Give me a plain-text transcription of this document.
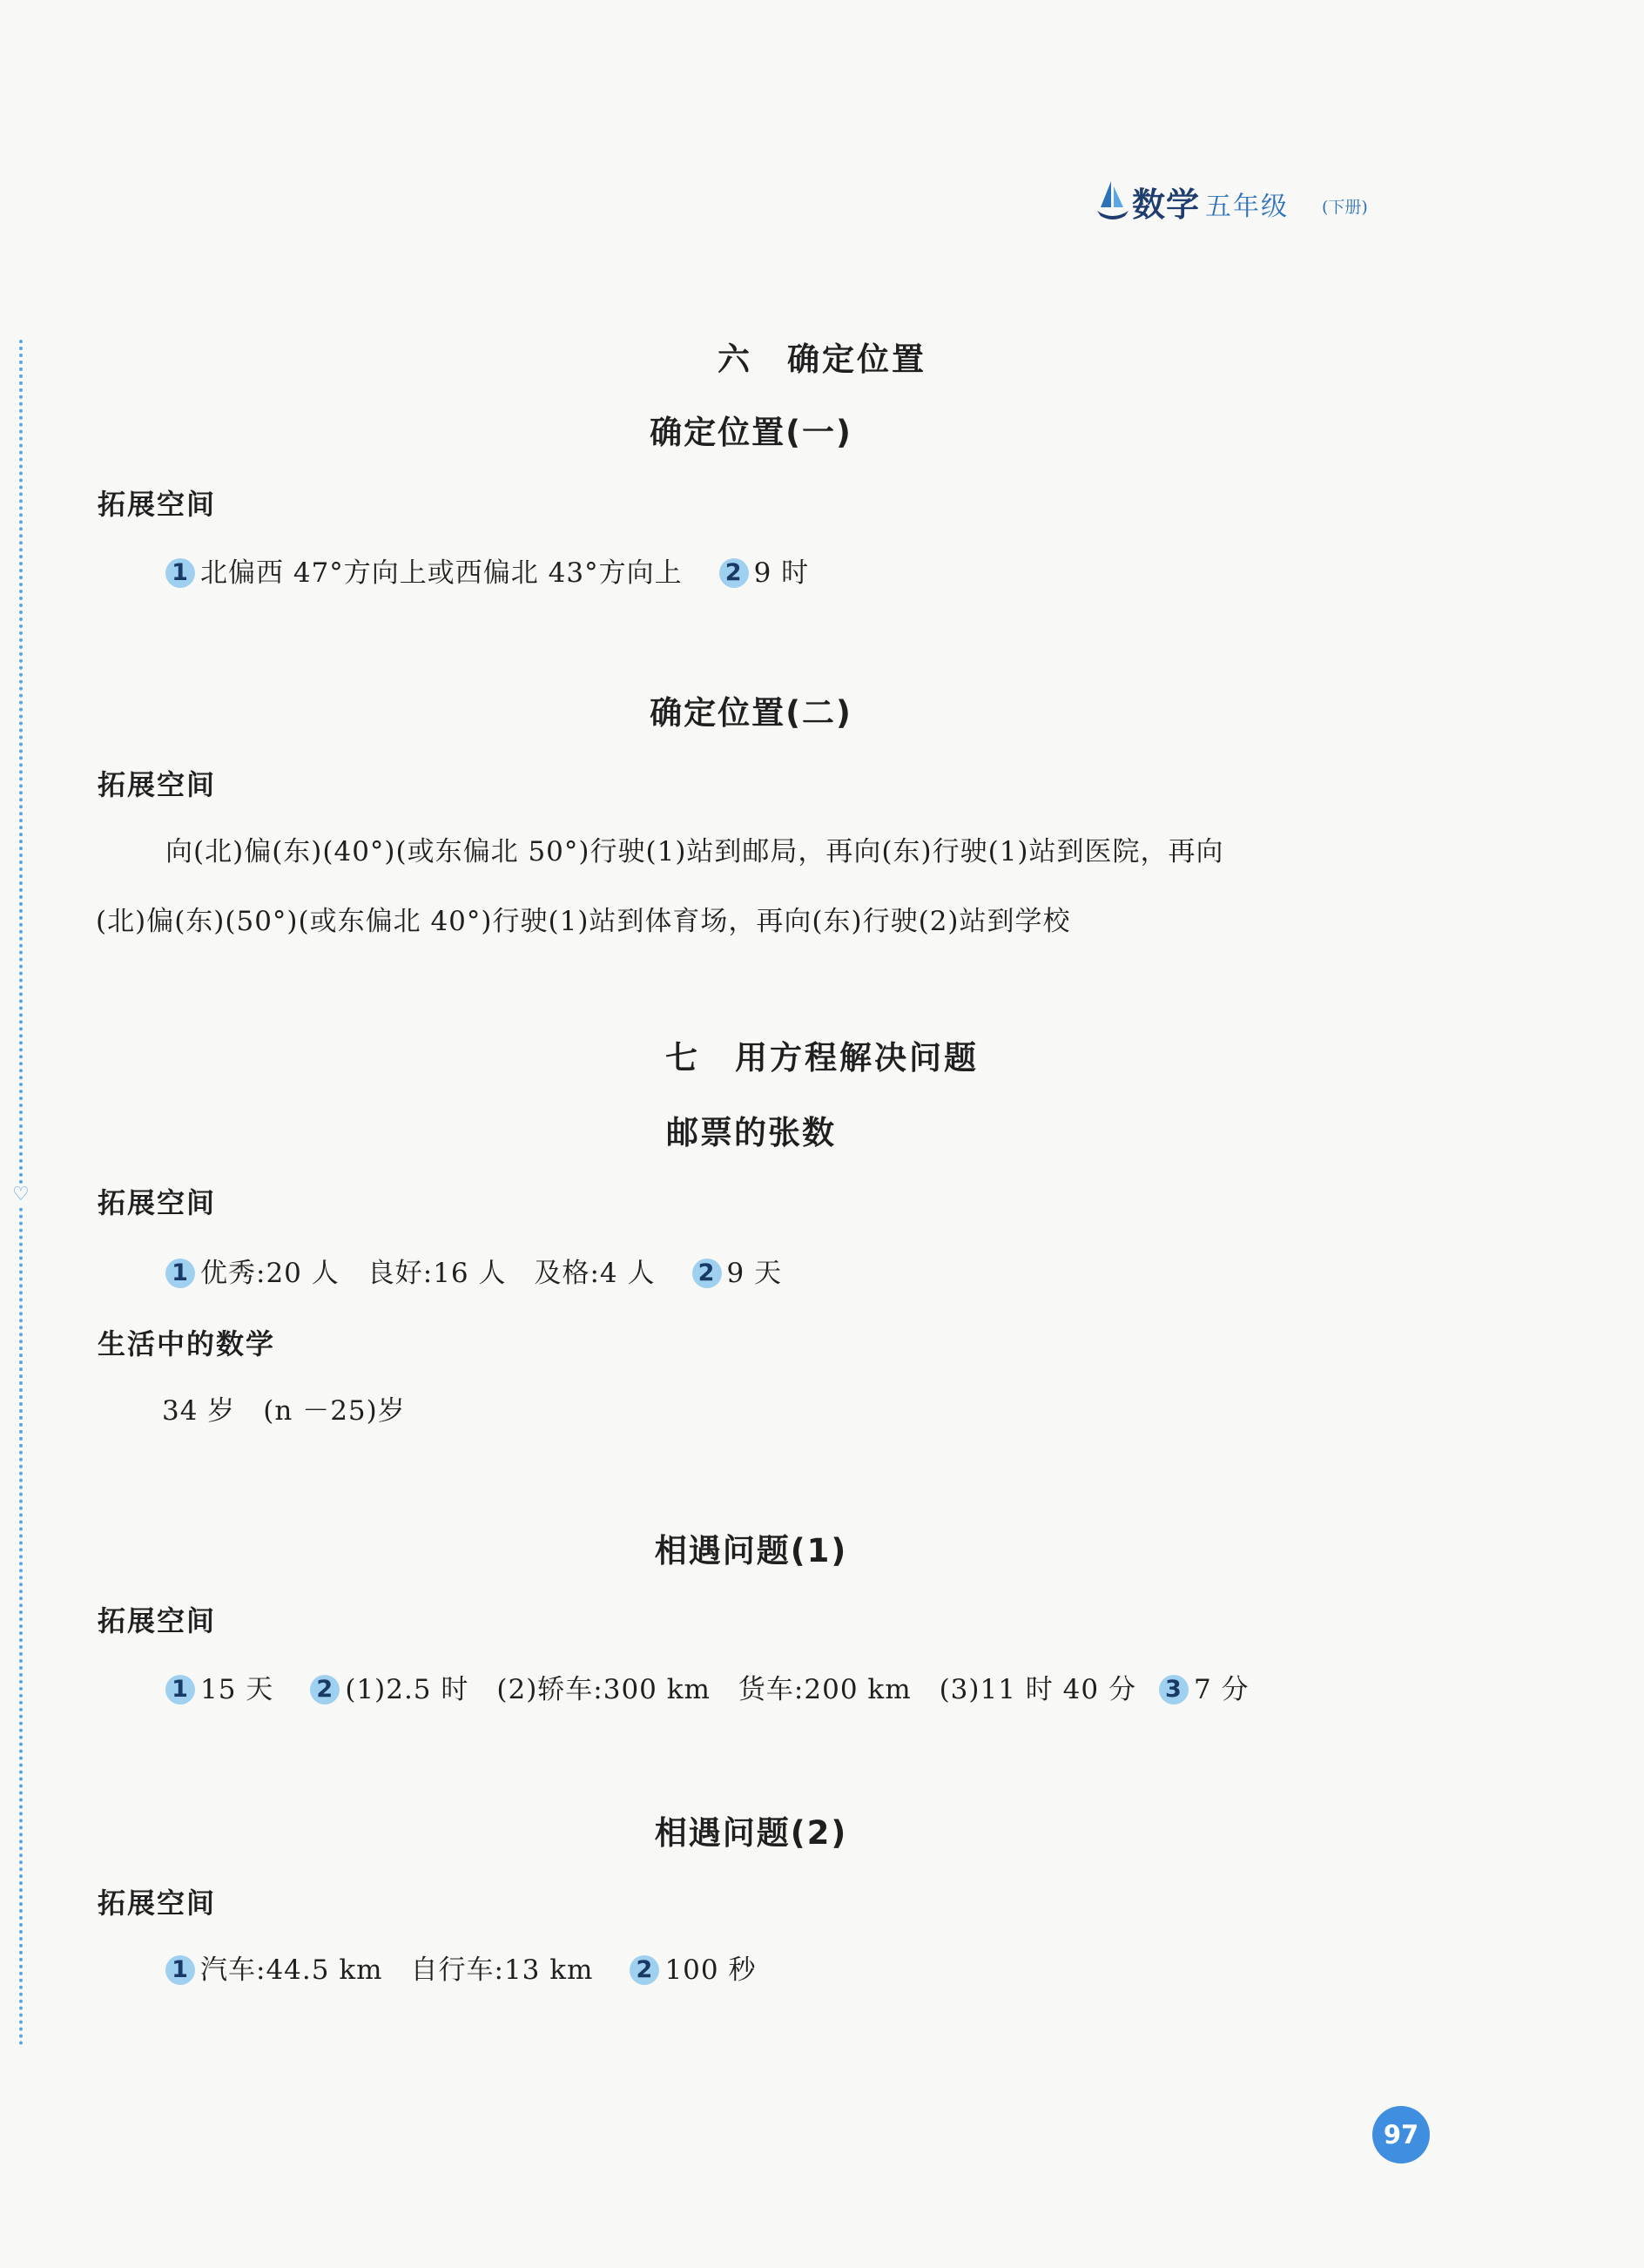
数学 五年级 (下册)
♡
六　确定位置
确定位置(一)
拓展空间
1 北偏西 47°方向上或西偏北 43°方向上 2 9 时
确定位置(二)
拓展空间
向(北)偏(东)(40°)(或东偏北 50°)行驶(1)站到邮局，再向(东)行驶(1)站到医院，再向
(北)偏(东)(50°)(或东偏北 40°)行驶(1)站到体育场，再向(东)行驶(2)站到学校
七　用方程解决问题
邮票的张数
拓展空间
1 优秀:20 人　良好:16 人　及格:4 人 2 9 天
生活中的数学
34 岁　(n －25)岁
相遇问题(1)
拓展空间
1 15 天 2 (1)2.5 时　(2)轿车:300 km　货车:200 km　(3)11 时 40 分 3 7 分
相遇问题(2)
拓展空间
1 汽车:44.5 km　自行车:13 km 2 100 秒
97
